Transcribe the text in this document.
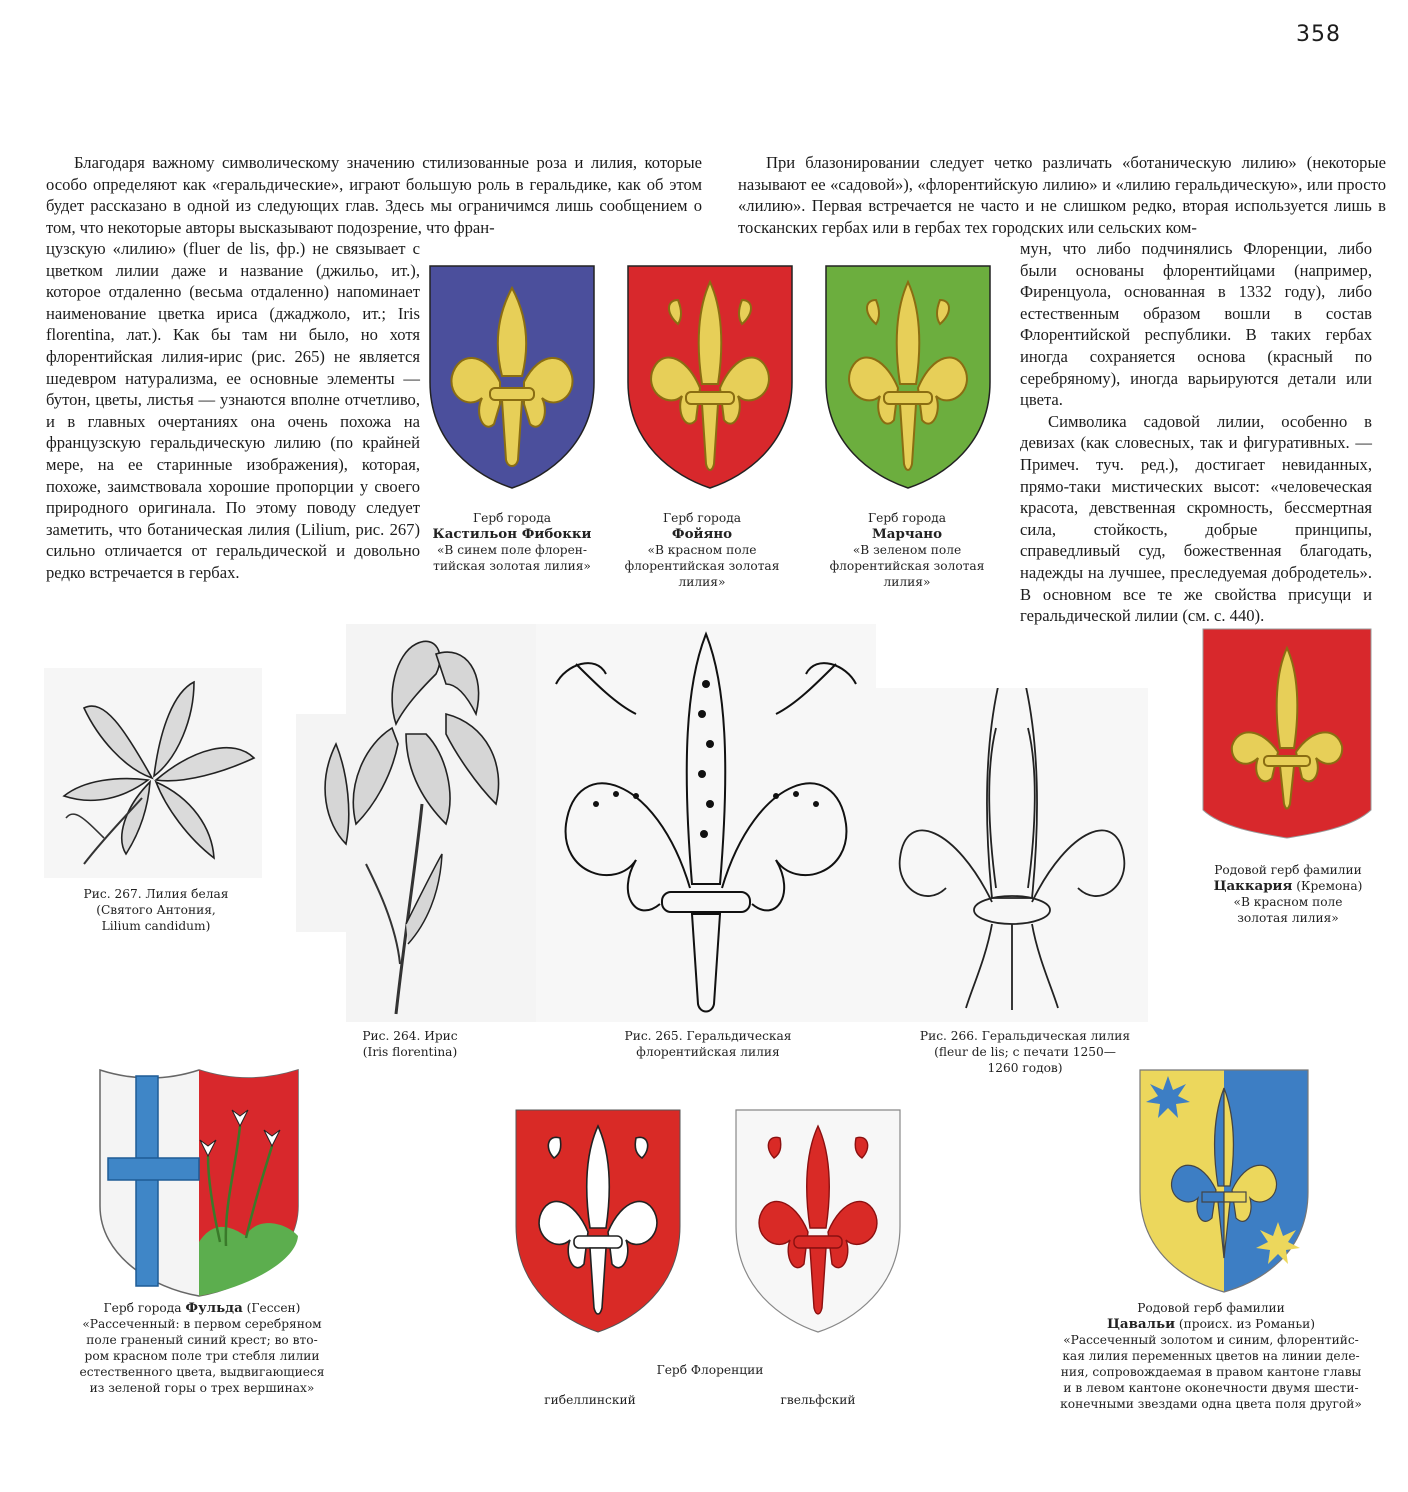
358

Благодаря важному символическому значению стилизованные роза и лилия, которые особо определяют как «геральдические», играют большую роль в геральдике, как об этом будет рассказано в одной из следующих глав. Здесь мы ограничимся лишь сообщением о том, что некоторые авторы высказывают подозрение, что фран-

цузскую «лилию» (fluer de lis, фр.) не связывает с цветком лилии даже и название (джильо, ит.), которое отдаленно (весьма отдаленно) напоминает наименование цветка ириса (джаджоло, ит.; Iris florentina, лат.). Как бы там ни было, но хотя флорентийская лилия-ирис (рис. 265) не является шедевром натурализма, ее основные элементы — бутон, цветы, листья — узнаются вполне отчетливо, и в главных очертаниях она очень похожа на французскую геральдическую лилию (по крайней мере, на ее старинные изображения), которая, похоже, заимствовала хорошие пропорции у своего природного оригинала. По этому поводу следует заметить, что ботаническая лилия (Lilium, рис. 267) сильно отличается от геральдической и довольно редко встречается в гербах.

При блазонировании следует четко различать «ботаническую лилию» (некоторые называют ее «садовой»), «флорентийскую лилию» и «лилию геральдическую», или просто «лилию». Первая встречается не часто и не слишком редко, вторая используется лишь в тосканских гербах или в гербах тех городских или сельских ком-

мун, что либо подчинялись Флоренции, либо были основаны флорентийцами (например, Фиренцуола, основанная в 1332 году), либо естественным образом вошли в состав Флорентийской республики. В таких гербах иногда сохраняется основа (красный по серебряному), иногда варьируются детали или цвета.

Символика садовой лилии, особенно в девизах (как словесных, так и фигуративных. — Примеч. туч. ред.), достигает невиданных, прямо-таки мистических высот: «человеческая красота, девственная скромность, бессмертная сила, стойкость, добрые принципы, справедливый суд, божественная благодать, надежды на лучшее, преследуемая добродетель». В основном все те же свойства присущи и геральдической лилии (см. с. 440).

Герб города
Кастильон Фибокки
«В синем поле флорен-
тийская золотая лилия»
Герб города
Фойяно
«В красном поле
флорентийская золотая
лилия»
Герб города
Марчано
«В зеленом поле
флорентийская золотая
лилия»
Родовой герб фамилии
Цаккария (Кремона)
«В красном поле
золотая лилия»
Рис. 267. Лилия белая
(Святого Антония,
Lilium candidum)
Рис. 264. Ирис
(Iris florentina)
Рис. 265. Геральдическая
флорентийская лилия
Рис. 266. Геральдическая лилия
(fleur de lis; с печати 1250—
1260 годов)
Герб города Фульда (Гессен)
«Рассеченный: в первом серебряном
поле граненый синий крест; во вто-
ром красном поле три стебля лилии
естественного цвета, выдвигающиеся
из зеленой горы о трех вершинах»
Герб Флоренции
гибеллинский	гвельфский
Родовой герб фамилии
Цавальи (происх. из Романьи)
«Рассеченный золотом и синим, флорентийс-
кая лилия переменных цветов на линии деле-
ния, сопровождаемая в правом кантоне главы
и в левом кантоне оконечности двумя шести-
конечными звездами одна цвета поля другой»
